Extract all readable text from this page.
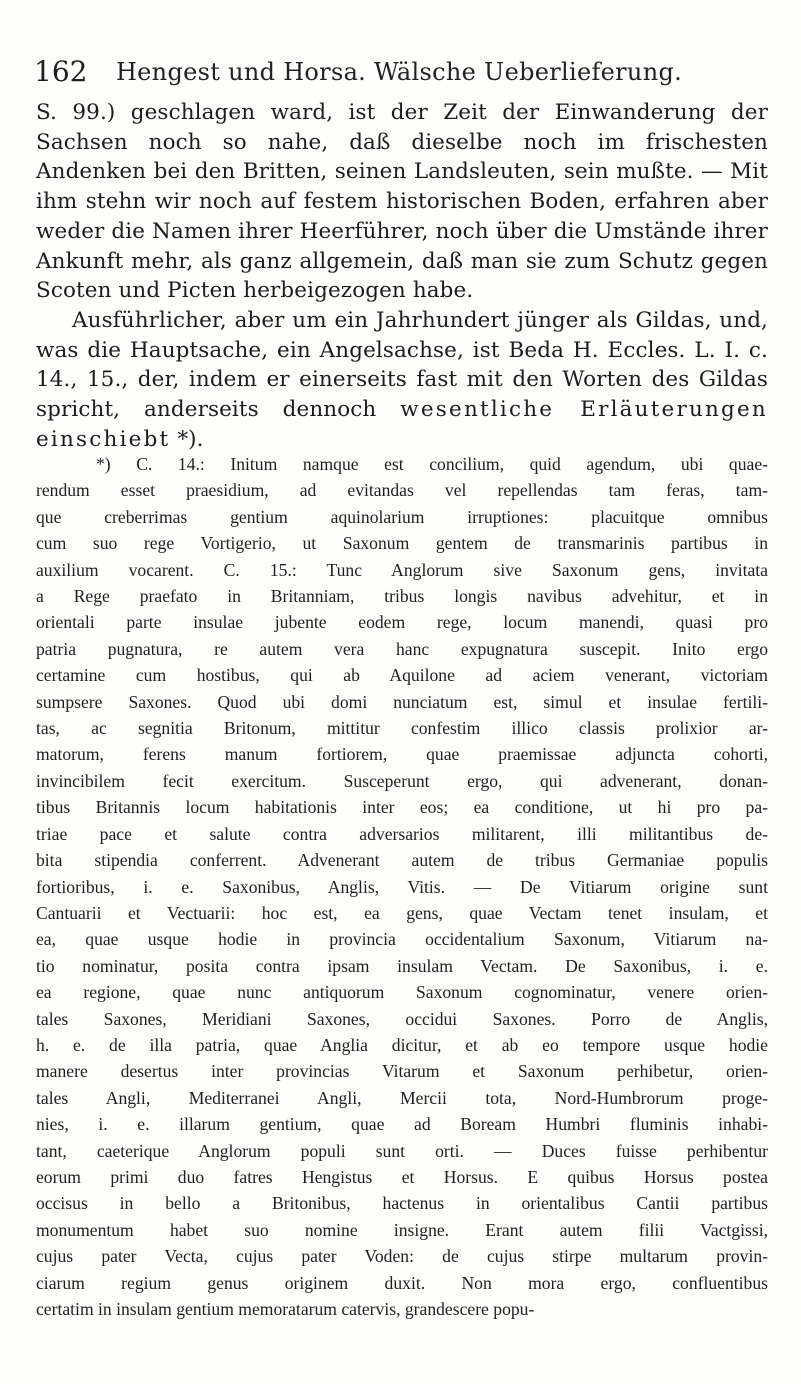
162	Hengest und Horsa. Wälsche Ueberlieferung.

S. 99.) geschlagen ward, ist der Zeit der Einwanderung der Sachsen noch so nahe, daß dieselbe noch im frischesten Andenken bei den Britten, seinen Landsleuten, sein mußte. — Mit ihm stehn wir noch auf festem historischen Boden, erfahren aber weder die Namen ihrer Heerführer, noch über die Umstände ihrer Ankunft mehr, als ganz allgemein, daß man sie zum Schutz gegen Scoten und Picten herbeigezogen habe.

Ausführlicher, aber um ein Jahrhundert jünger als Gildas, und, was die Hauptsache, ein Angelsachse, ist Beda H. Eccles. L. I. c. 14., 15., der, indem er einerseits fast mit den Worten des Gildas spricht, anderseits dennoch wesentliche Erläuterungen einschiebt *).

*) C. 14.: Initum namque est concilium, quid agendum, ubi quae-
rendum esset praesidium, ad evitandas vel repellendas tam feras, tam-
que creberrimas gentium aquinolarium irruptiones: placuitque omnibus
cum suo rege Vortigerio, ut Saxonum gentem de transmarinis partibus in
auxilium vocarent. C. 15.: Tunc Anglorum sive Saxonum gens, invitata
a Rege praefato in Britanniam, tribus longis navibus advehitur, et in
orientali parte insulae jubente eodem rege, locum manendi, quasi pro
patria pugnatura, re autem vera hanc expugnatura suscepit. Inito ergo
certamine cum hostibus, qui ab Aquilone ad aciem venerant, victoriam
sumpsere Saxones. Quod ubi domi nunciatum est, simul et insulae fertili-
tas, ac segnitia Britonum, mittitur confestim illico classis prolixior ar-
matorum, ferens manum fortiorem, quae praemissae adjuncta cohorti,
invincibilem fecit exercitum. Susceperunt ergo, qui advenerant, donan-
tibus Britannis locum habitationis inter eos; ea conditione, ut hi pro pa-
triae pace et salute contra adversarios militarent, illi militantibus de-
bita stipendia conferrent. Advenerant autem de tribus Germaniae populis
fortioribus, i. e. Saxonibus, Anglis, Vitis. — De Vitiarum origine sunt
Cantuarii et Vectuarii: hoc est, ea gens, quae Vectam tenet insulam, et
ea, quae usque hodie in provincia occidentalium Saxonum, Vitiarum na-
tio nominatur, posita contra ipsam insulam Vectam. De Saxonibus, i. e.
ea regione, quae nunc antiquorum Saxonum cognominatur, venere orien-
tales Saxones, Meridiani Saxones, occidui Saxones. Porro de Anglis,
h. e. de illa patria, quae Anglia dicitur, et ab eo tempore usque hodie
manere desertus inter provincias Vitarum et Saxonum perhibetur, orien-
tales Angli, Mediterranei Angli, Mercii tota, Nord-Humbrorum proge-
nies, i. e. illarum gentium, quae ad Boream Humbri fluminis inhabi-
tant, caeterique Anglorum populi sunt orti. — Duces fuisse perhibentur
eorum primi duo fatres Hengistus et Horsus. E quibus Horsus postea
occisus in bello a Britonibus, hactenus in orientalibus Cantii partibus
monumentum habet suo nomine insigne. Erant autem filii Vactgissi,
cujus pater Vecta, cujus pater Voden: de cujus stirpe multarum provin-
ciarum regium genus originem duxit. Non mora ergo, confluentibus
certatim in insulam gentium memoratarum catervis, grandescere popu-
